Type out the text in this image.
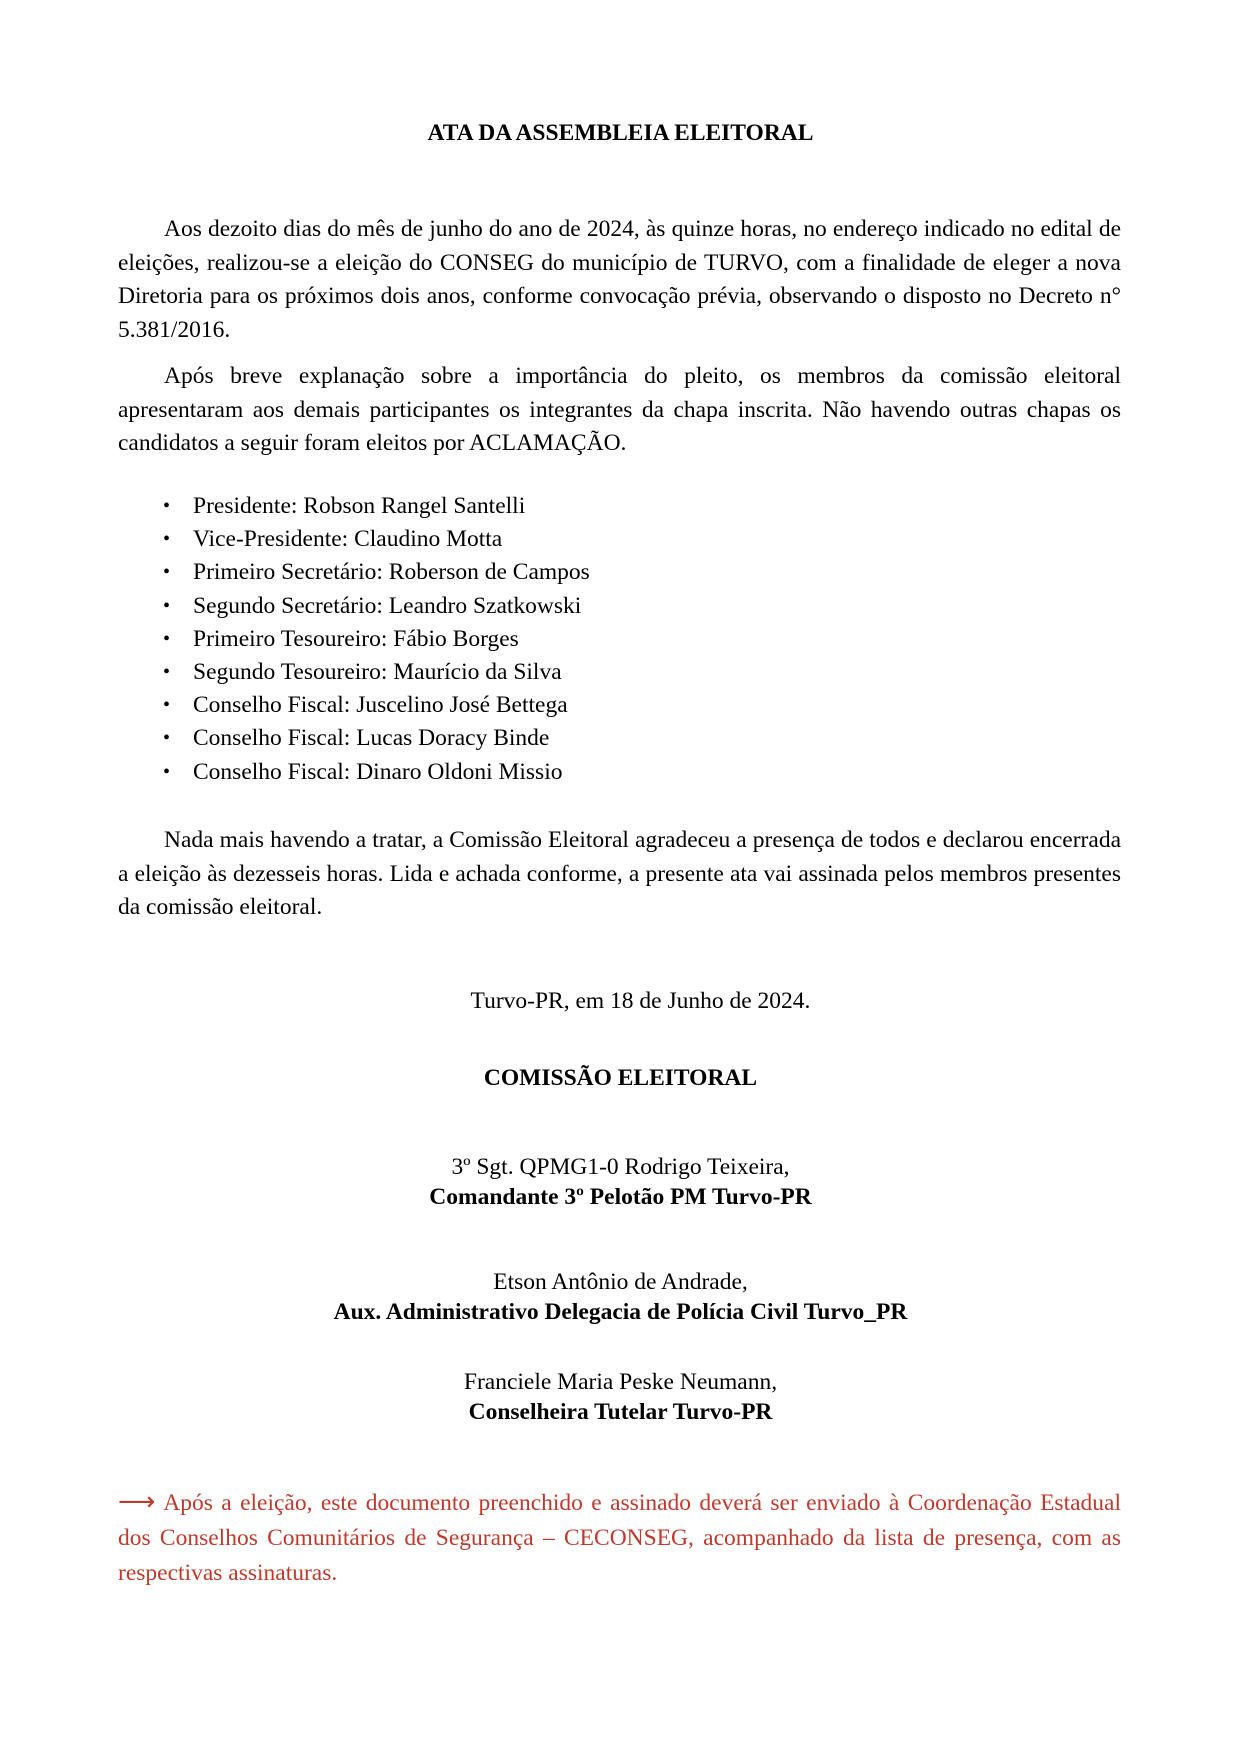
ATA DA ASSEMBLEIA ELEITORAL

Aos dezoito dias do mês de junho do ano de 2024, às quinze horas, no endereço indicado no edital de eleições, realizou-se a eleição do CONSEG do município de TURVO, com a finalidade de eleger a nova Diretoria para os próximos dois anos, conforme convocação prévia, observando o disposto no Decreto n° 5.381/2016.

Após breve explanação sobre a importância do pleito, os membros da comissão eleitoral apresentaram aos demais participantes os integrantes da chapa inscrita. Não havendo outras chapas os candidatos a seguir foram eleitos por ACLAMAÇÃO.

• Presidente: Robson Rangel Santelli
• Vice-Presidente: Claudino Motta
• Primeiro Secretário: Roberson de Campos
• Segundo Secretário: Leandro Szatkowski
• Primeiro Tesoureiro: Fábio Borges
• Segundo Tesoureiro: Maurício da Silva
• Conselho Fiscal: Juscelino José Bettega
• Conselho Fiscal: Lucas Doracy Binde
• Conselho Fiscal: Dinaro Oldoni Missio

Nada mais havendo a tratar, a Comissão Eleitoral agradeceu a presença de todos e declarou encerrada a eleição às dezesseis horas. Lida e achada conforme, a presente ata vai assinada pelos membros presentes da comissão eleitoral.

Turvo-PR, em 18 de Junho de 2024.
COMISSÃO ELEITORAL
3º Sgt. QPMG1-0 Rodrigo Teixeira,
Comandante 3º Pelotão PM Turvo-PR
Etson Antônio de Andrade,
Aux. Administrativo Delegacia de Polícia Civil Turvo_PR
Franciele Maria Peske Neumann,
Conselheira Tutelar Turvo-PR

⟶ Após a eleição, este documento preenchido e assinado deverá ser enviado à Coordenação Estadual dos Conselhos Comunitários de Segurança – CECONSEG, acompanhado da lista de presença, com as respectivas assinaturas.
